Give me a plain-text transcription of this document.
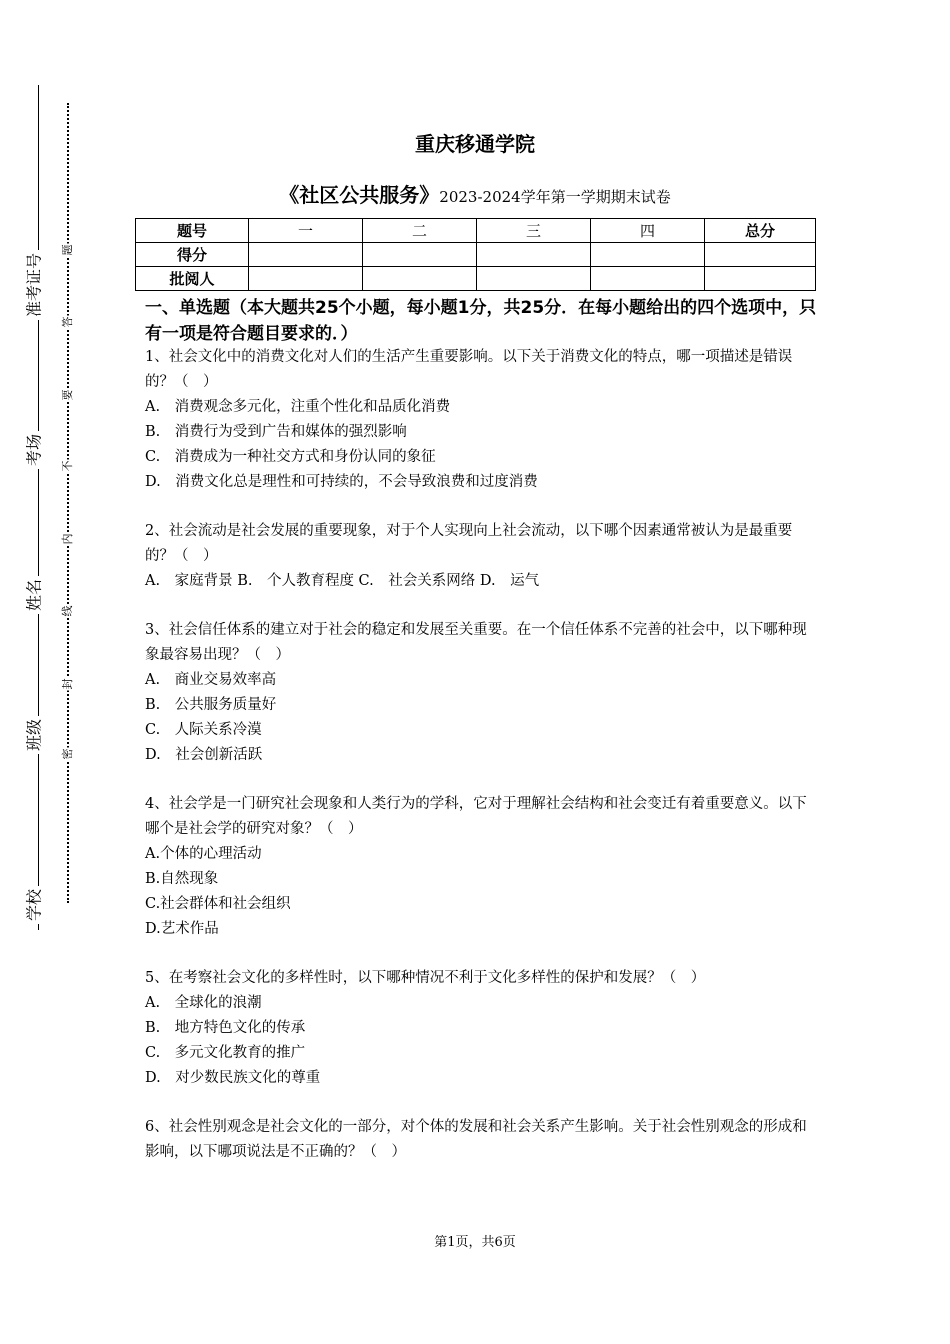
准考证号
考场
姓名
班级
学校
题
答
要
不
内
线
封
密
重庆移通学院
《社区公共服务》2023-2024学年第一学期期末试卷
题号	一	二	三	四	总分
得分					
批阅人					
一、单选题（本大题共25个小题，每小题1分，共25分．在每小题给出的四个选项中，只有一项是符合题目要求的．）
1、社会文化中的消费文化对人们的生活产生重要影响。以下关于消费文化的特点，哪一项描述是错误的？（　）
A.　消费观念多元化，注重个性化和品质化消费
B.　消费行为受到广告和媒体的强烈影响
C.　消费成为一种社交方式和身份认同的象征
D.　消费文化总是理性和可持续的，不会导致浪费和过度消费
2、社会流动是社会发展的重要现象，对于个人实现向上社会流动，以下哪个因素通常被认为是最重要的？（　）
A.　家庭背景 B.　个人教育程度 C.　社会关系网络 D.　运气
3、社会信任体系的建立对于社会的稳定和发展至关重要。在一个信任体系不完善的社会中，以下哪种现象最容易出现？（　）
A.　商业交易效率高
B.　公共服务质量好
C.　人际关系冷漠
D.　社会创新活跃
4、社会学是一门研究社会现象和人类行为的学科，它对于理解社会结构和社会变迁有着重要意义。以下哪个是社会学的研究对象？（　）
A.个体的心理活动
B.自然现象
C.社会群体和社会组织
D.艺术作品
5、在考察社会文化的多样性时，以下哪种情况不利于文化多样性的保护和发展？（　）
A.　全球化的浪潮
B.　地方特色文化的传承
C.　多元文化教育的推广
D.　对少数民族文化的尊重
6、社会性别观念是社会文化的一部分，对个体的发展和社会关系产生影响。关于社会性别观念的形成和影响，以下哪项说法是不正确的？（　）
第1页，共6页
